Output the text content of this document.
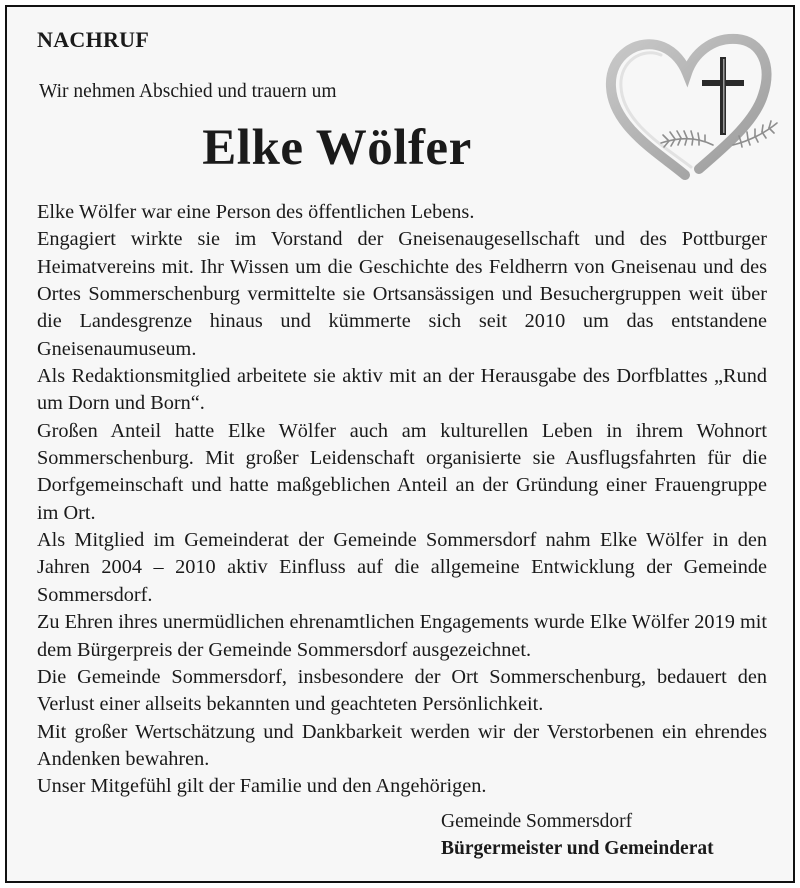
NACHRUF

Wir nehmen Abschied und trauern um

Elke Wölfer

Elke Wölfer war eine Person des öffentlichen Lebens.

Engagiert wirkte sie im Vorstand der Gneisenaugesellschaft und des Pottburger Heimatvereins mit. Ihr Wissen um die Geschichte des Feldherrn von Gneisenau und des Ortes Sommerschenburg vermittelte sie Ortsansässigen und Besuchergruppen weit über die Landesgrenze hinaus und kümmerte sich seit 2010 um das entstandene Gneisenaumuseum.

Als Redaktionsmitglied arbeitete sie aktiv mit an der Herausgabe des Dorfblattes „Rund um Dorn und Born“.

Großen Anteil hatte Elke Wölfer auch am kulturellen Leben in ihrem Wohnort Sommerschenburg. Mit großer Leidenschaft organisierte sie Ausflugsfahrten für die Dorfgemeinschaft und hatte maßgeblichen Anteil an der Gründung einer Frauengruppe im Ort.

Als Mitglied im Gemeinderat der Gemeinde Sommersdorf nahm Elke Wölfer in den Jahren 2004 – 2010 aktiv Einfluss auf die allgemeine Entwicklung der Gemeinde Sommersdorf.

Zu Ehren ihres unermüdlichen ehrenamtlichen Engagements wurde Elke Wölfer 2019 mit dem Bürgerpreis der Gemeinde Sommersdorf ausgezeichnet.

Die Gemeinde Sommersdorf, insbesondere der Ort Sommerschenburg, bedauert den Verlust einer allseits bekannten und geachteten Persönlichkeit.

Mit großer Wertschätzung und Dankbarkeit werden wir der Verstorbenen ein ehrendes Andenken bewahren.

Unser Mitgefühl gilt der Familie und den Angehörigen.

Gemeinde Sommersdorf
Bürgermeister und Gemeinderat
